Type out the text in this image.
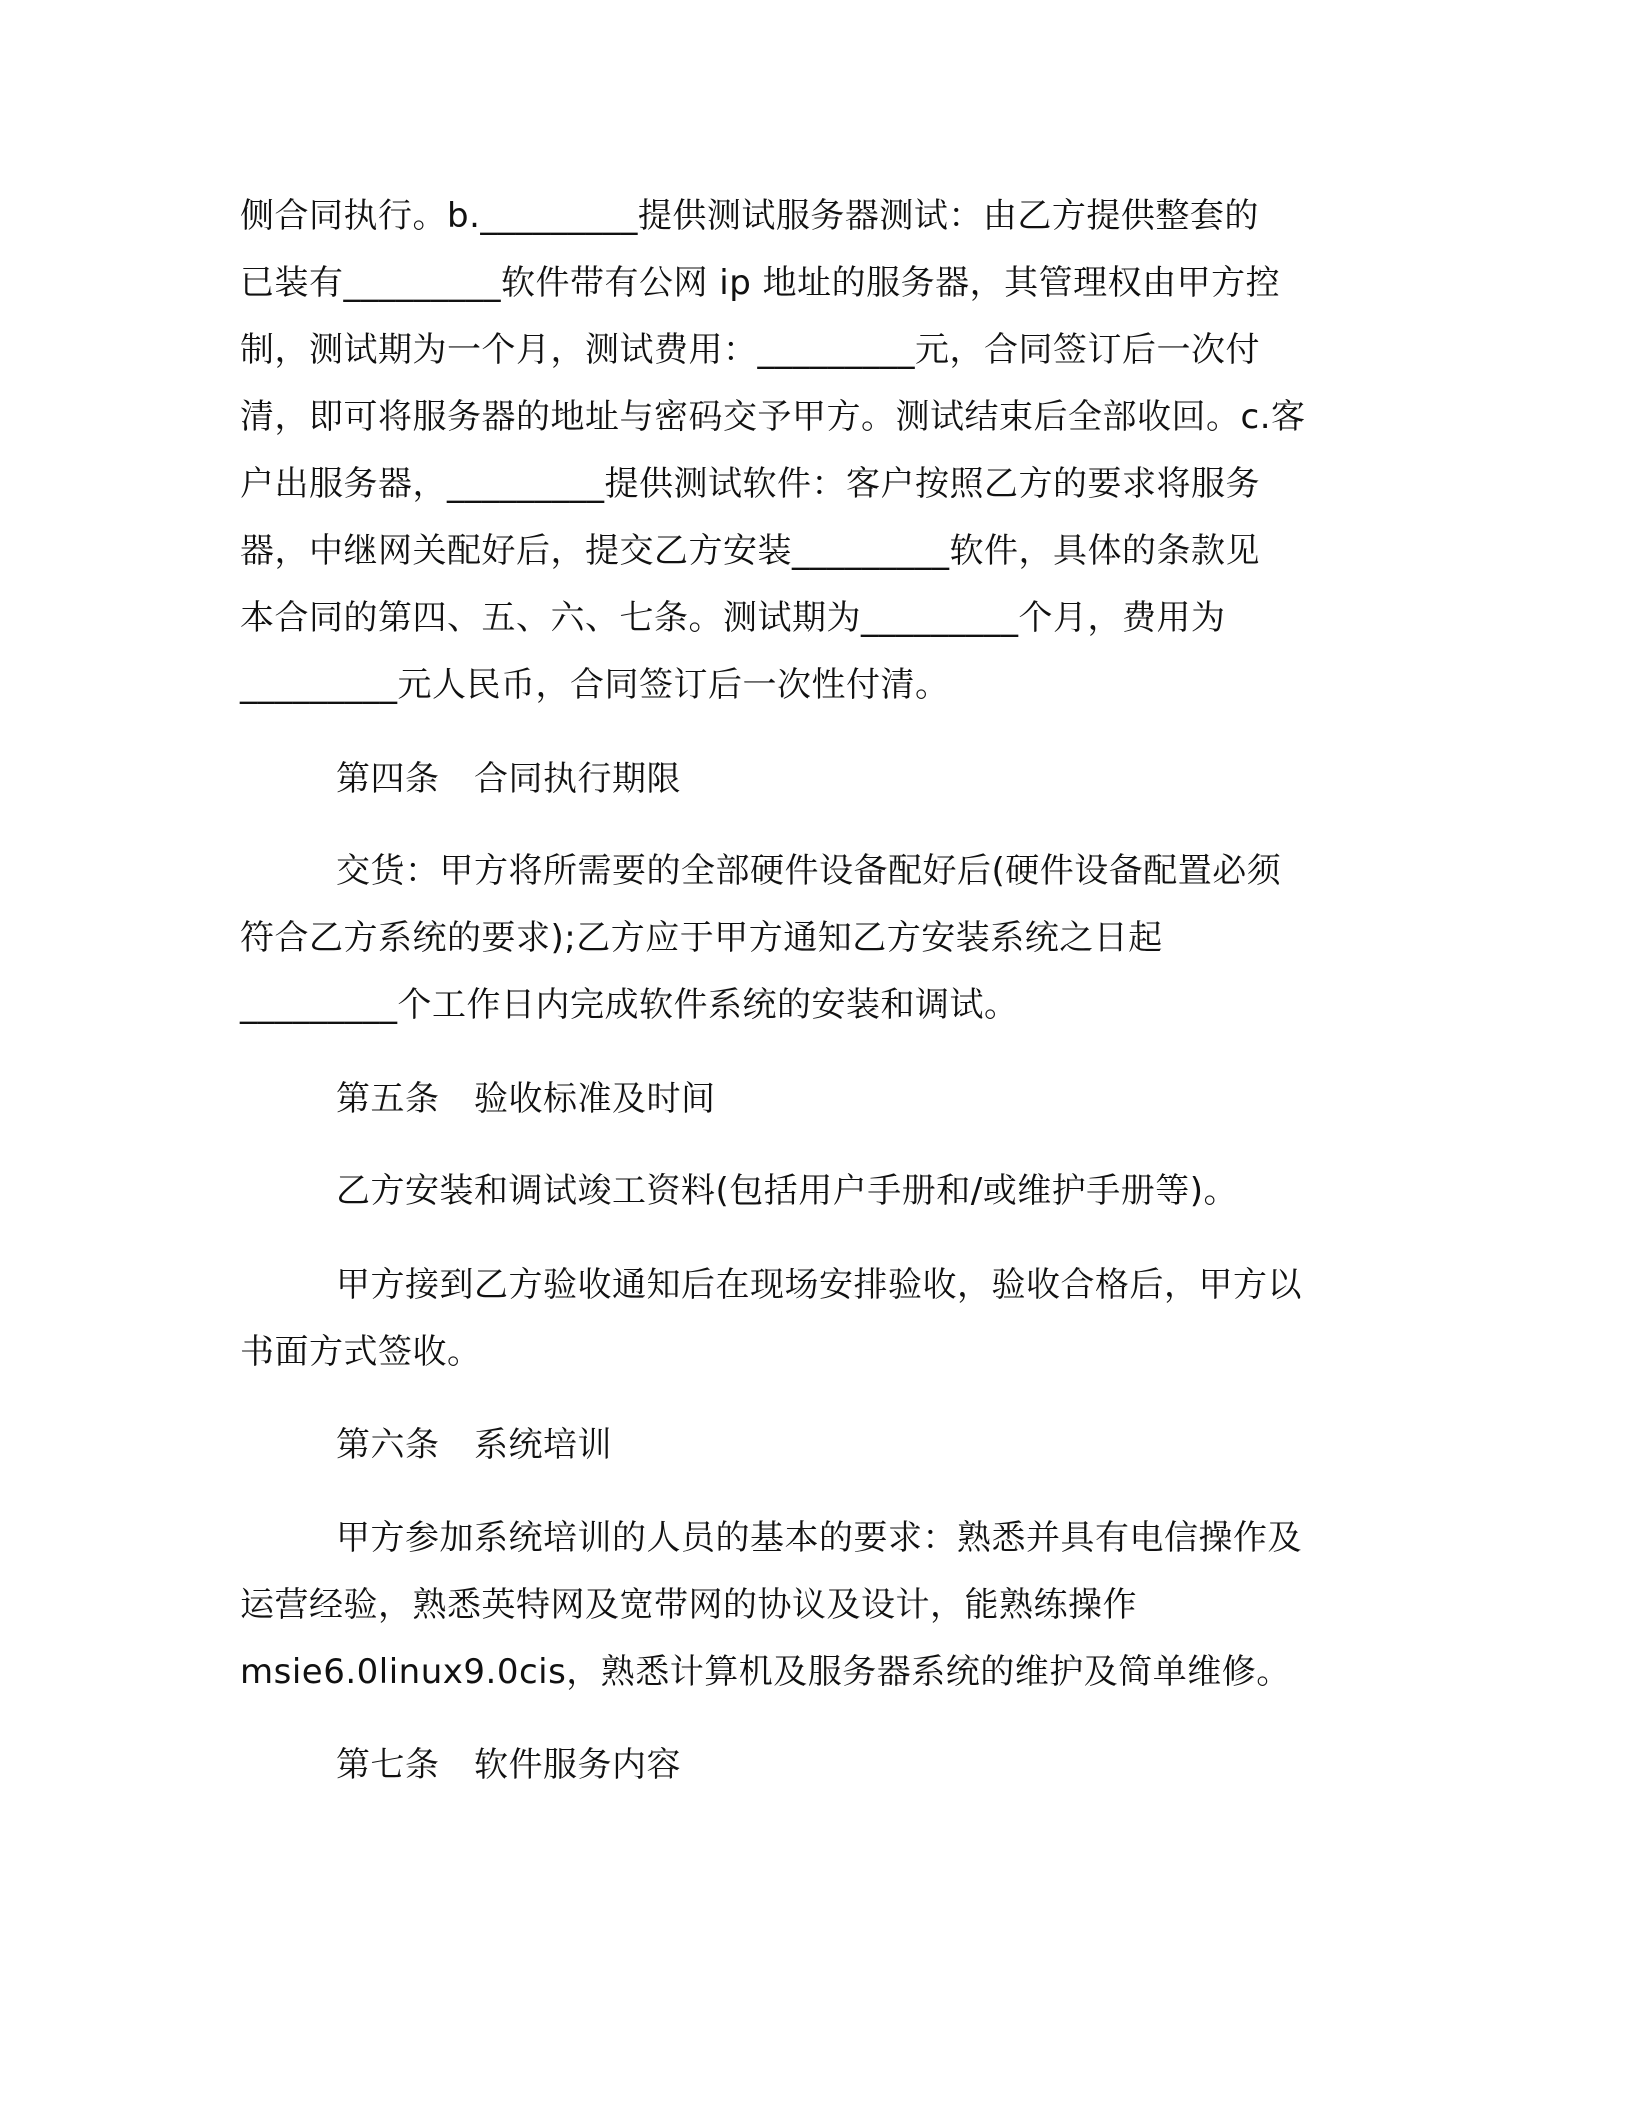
侧合同执行。b._________提供测试服务器测试：由乙方提供整套的
已装有_________软件带有公网 ip 地址的服务器，其管理权由甲方控
制，测试期为一个月，测试费用：_________元，合同签订后一次付
清，即可将服务器的地址与密码交予甲方。测试结束后全部收回。c.客
户出服务器，_________提供测试软件：客户按照乙方的要求将服务
器，中继网关配好后，提交乙方安装_________软件，具体的条款见
本合同的第四、五、六、七条。测试期为_________个月，费用为
_________元人民币，合同签订后一次性付清。
第四条　合同执行期限
交货：甲方将所需要的全部硬件设备配好后(硬件设备配置必须
符合乙方系统的要求);乙方应于甲方通知乙方安装系统之日起
_________个工作日内完成软件系统的安装和调试。
第五条　验收标准及时间
乙方安装和调试竣工资料(包括用户手册和/或维护手册等)。
甲方接到乙方验收通知后在现场安排验收，验收合格后，甲方以
书面方式签收。
第六条　系统培训
甲方参加系统培训的人员的基本的要求：熟悉并具有电信操作及
运营经验，熟悉英特网及宽带网的协议及设计，能熟练操作
msie6.0linux9.0cis，熟悉计算机及服务器系统的维护及简单维修。
第七条　软件服务内容
